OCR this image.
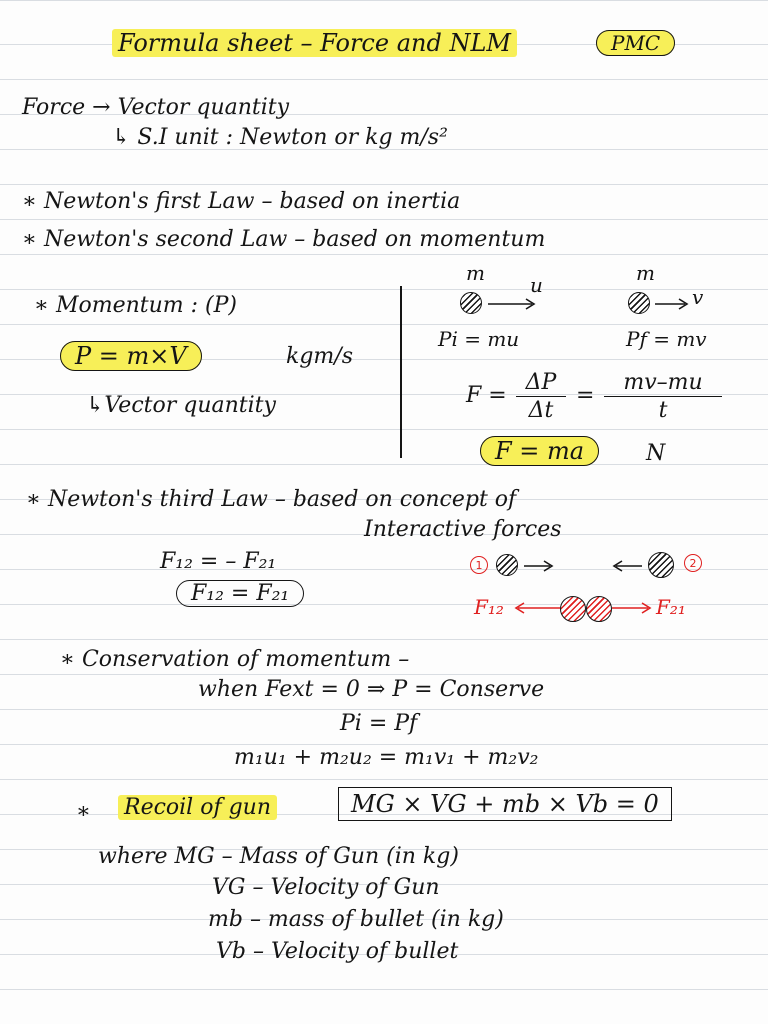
Formula sheet – Force and NLM	PMC
Force → Vector quantity
↳ S.I unit : Newton or kg m/s²
∗ Newton's first Law – based on inertia
∗ Newton's second Law – based on momentum
∗ Momentum : (P)
P = m×V	kgm/s
↳Vector quantity
m u	m
v
Pi = mu	Pf = mv
F =
ΔP
Δt
=
mv–mu
t
F = ma	N
∗ Newton's third Law – based on concept of
Interactive forces
F₁₂ = – F₂₁
F₁₂ = F₂₁
1	2
F₁₂	F₂₁
∗ Conservation of momentum –
when Fext = 0 ⇒ P = Conserve
Pi = Pf
m₁u₁ + m₂u₂ = m₁v₁ + m₂v₂
∗ Recoil of gun	MG × VG + mb × Vb = 0
where MG – Mass of Gun (in kg)
VG – Velocity of Gun
mb – mass of bullet (in kg)
Vb – Velocity of bullet
